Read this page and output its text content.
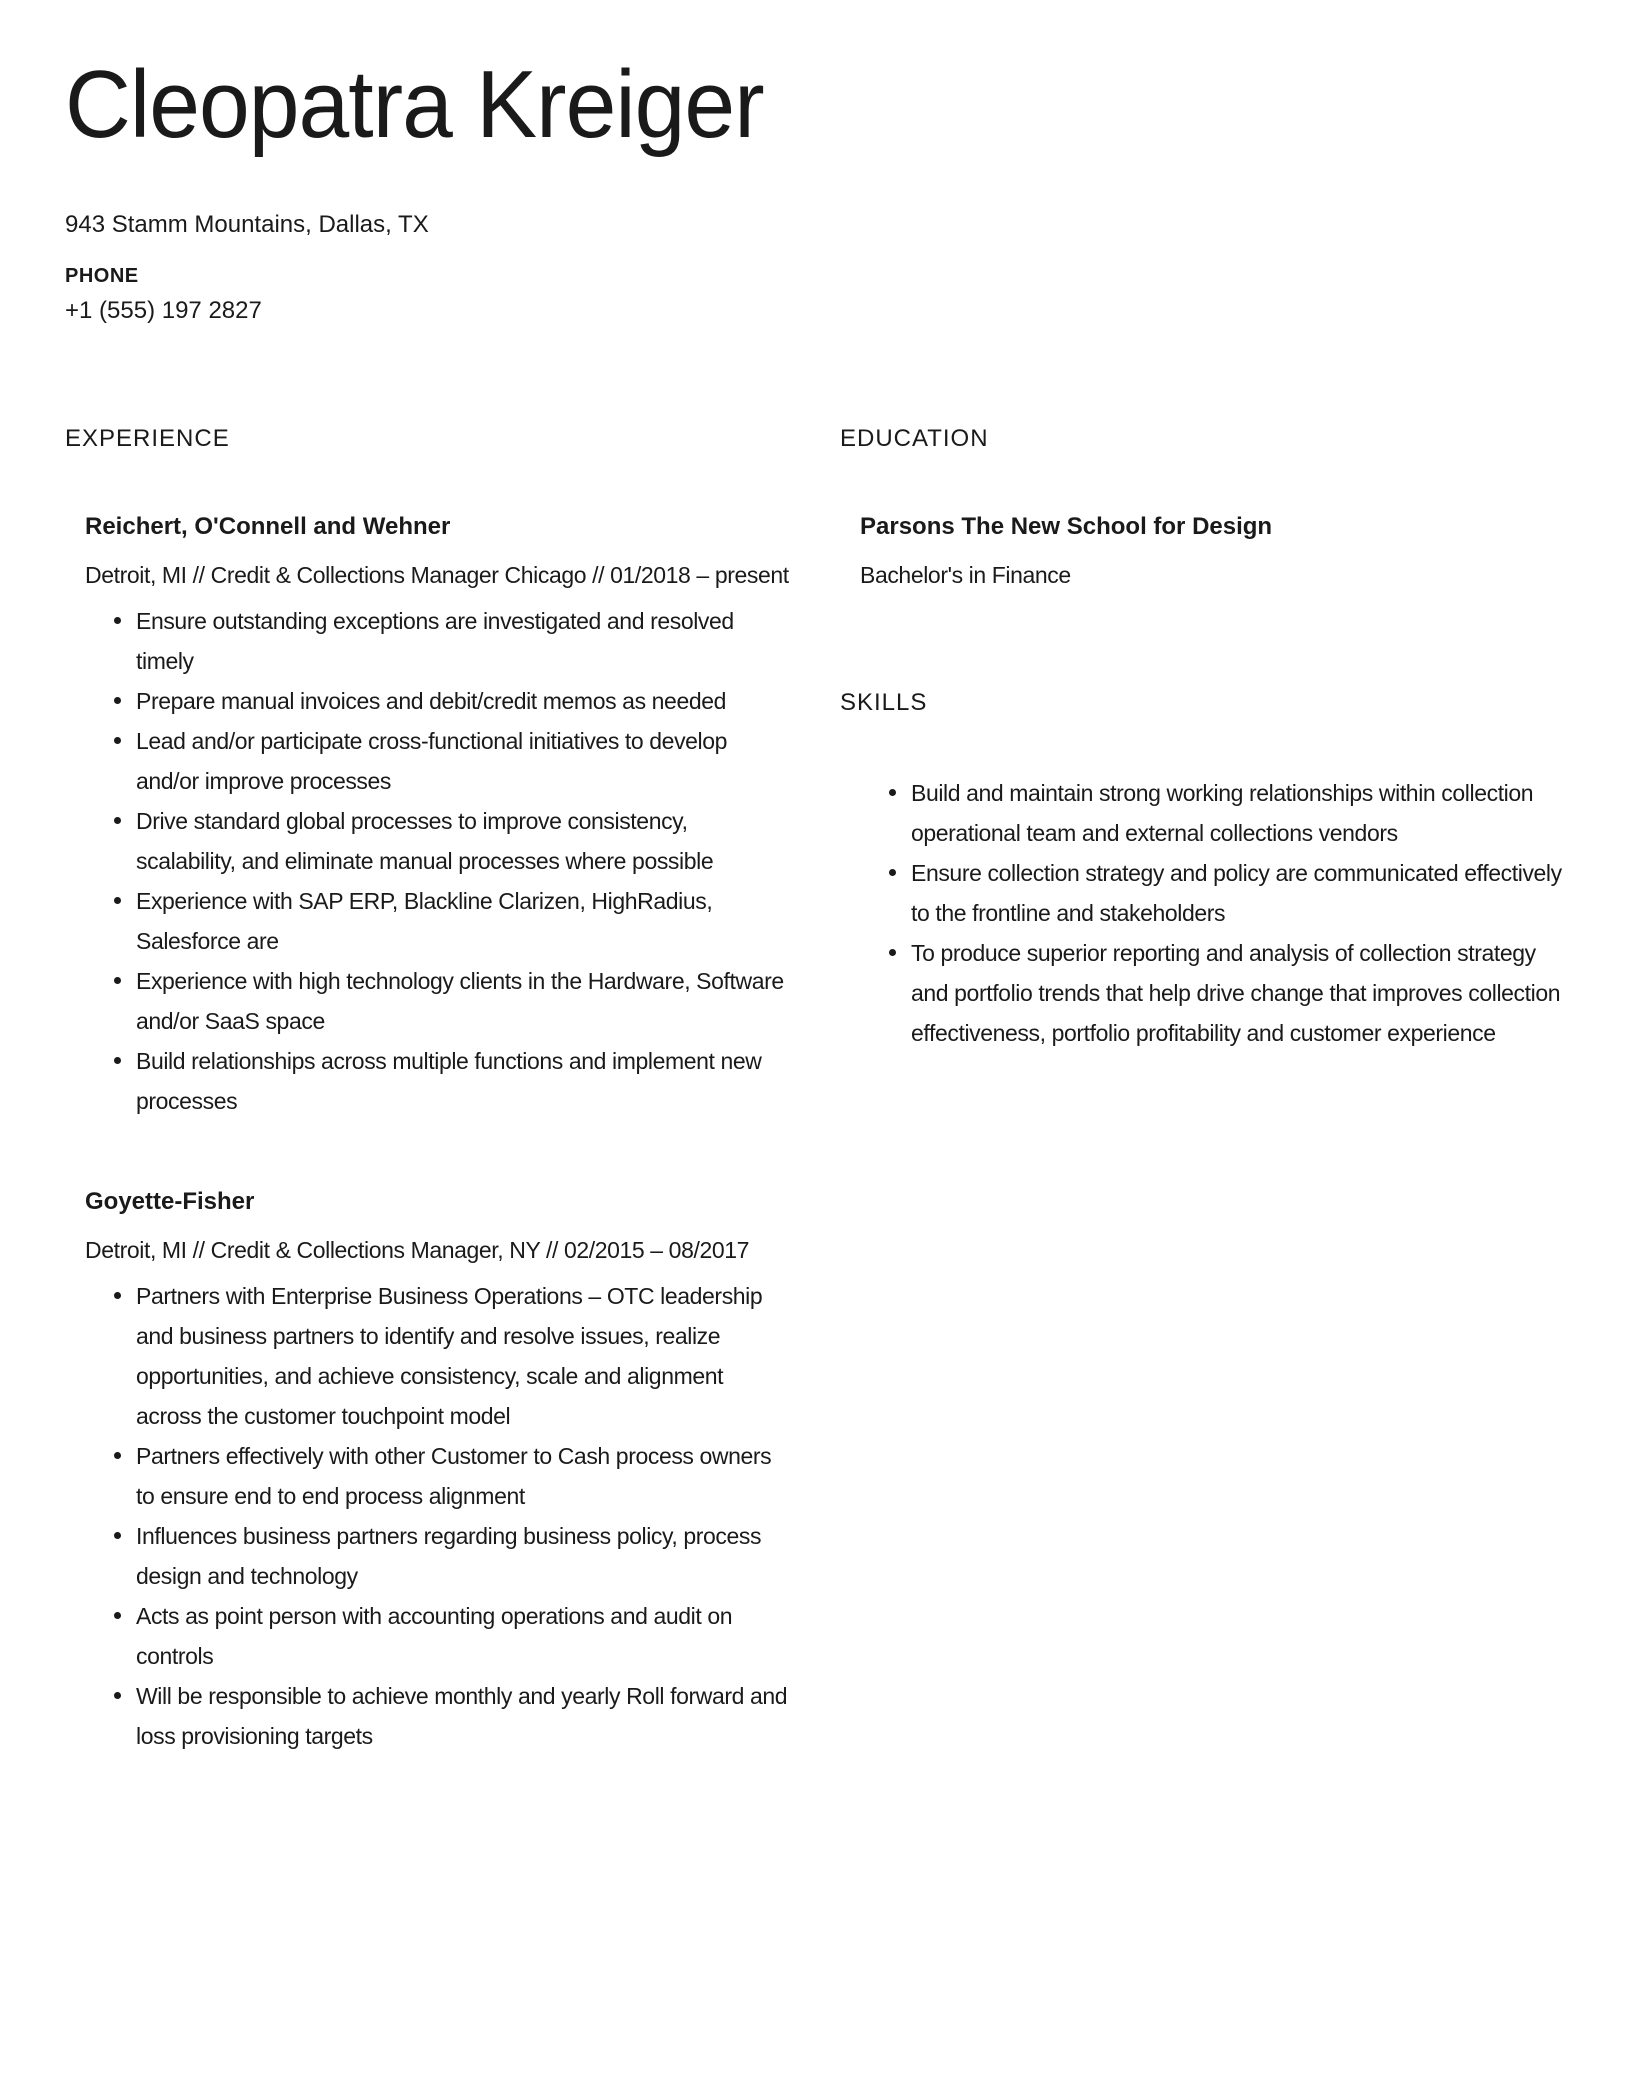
Cleopatra Kreiger
943 Stamm Mountains, Dallas, TX
PHONE
+1 (555) 197 2827
EXPERIENCE
Reichert, O'Connell and Wehner
Detroit, MI // Credit & Collections Manager Chicago // 01/2018 – present
Ensure outstanding exceptions are investigated and resolved timely
Prepare manual invoices and debit/credit memos as needed
Lead and/or participate cross-functional initiatives to develop and/or improve processes
Drive standard global processes to improve consistency, scalability, and eliminate manual processes where possible
Experience with SAP ERP, Blackline Clarizen, HighRadius, Salesforce are
Experience with high technology clients in the Hardware, Software and/or SaaS space
Build relationships across multiple functions and implement new processes
Goyette-Fisher
Detroit, MI // Credit & Collections Manager, NY // 02/2015 – 08/2017
Partners with Enterprise Business Operations – OTC leadership and business partners to identify and resolve issues, realize opportunities, and achieve consistency, scale and alignment across the customer touchpoint model
Partners effectively with other Customer to Cash process owners to ensure end to end process alignment
Influences business partners regarding business policy, process design and technology
Acts as point person with accounting operations and audit on controls
Will be responsible to achieve monthly and yearly Roll forward and loss provisioning targets
EDUCATION
Parsons The New School for Design
Bachelor's in Finance
SKILLS
Build and maintain strong working relationships within collection operational team and external collections vendors
Ensure collection strategy and policy are communicated effectively to the frontline and stakeholders
To produce superior reporting and analysis of collection strategy and portfolio trends that help drive change that improves collection effectiveness, portfolio profitability and customer experience
